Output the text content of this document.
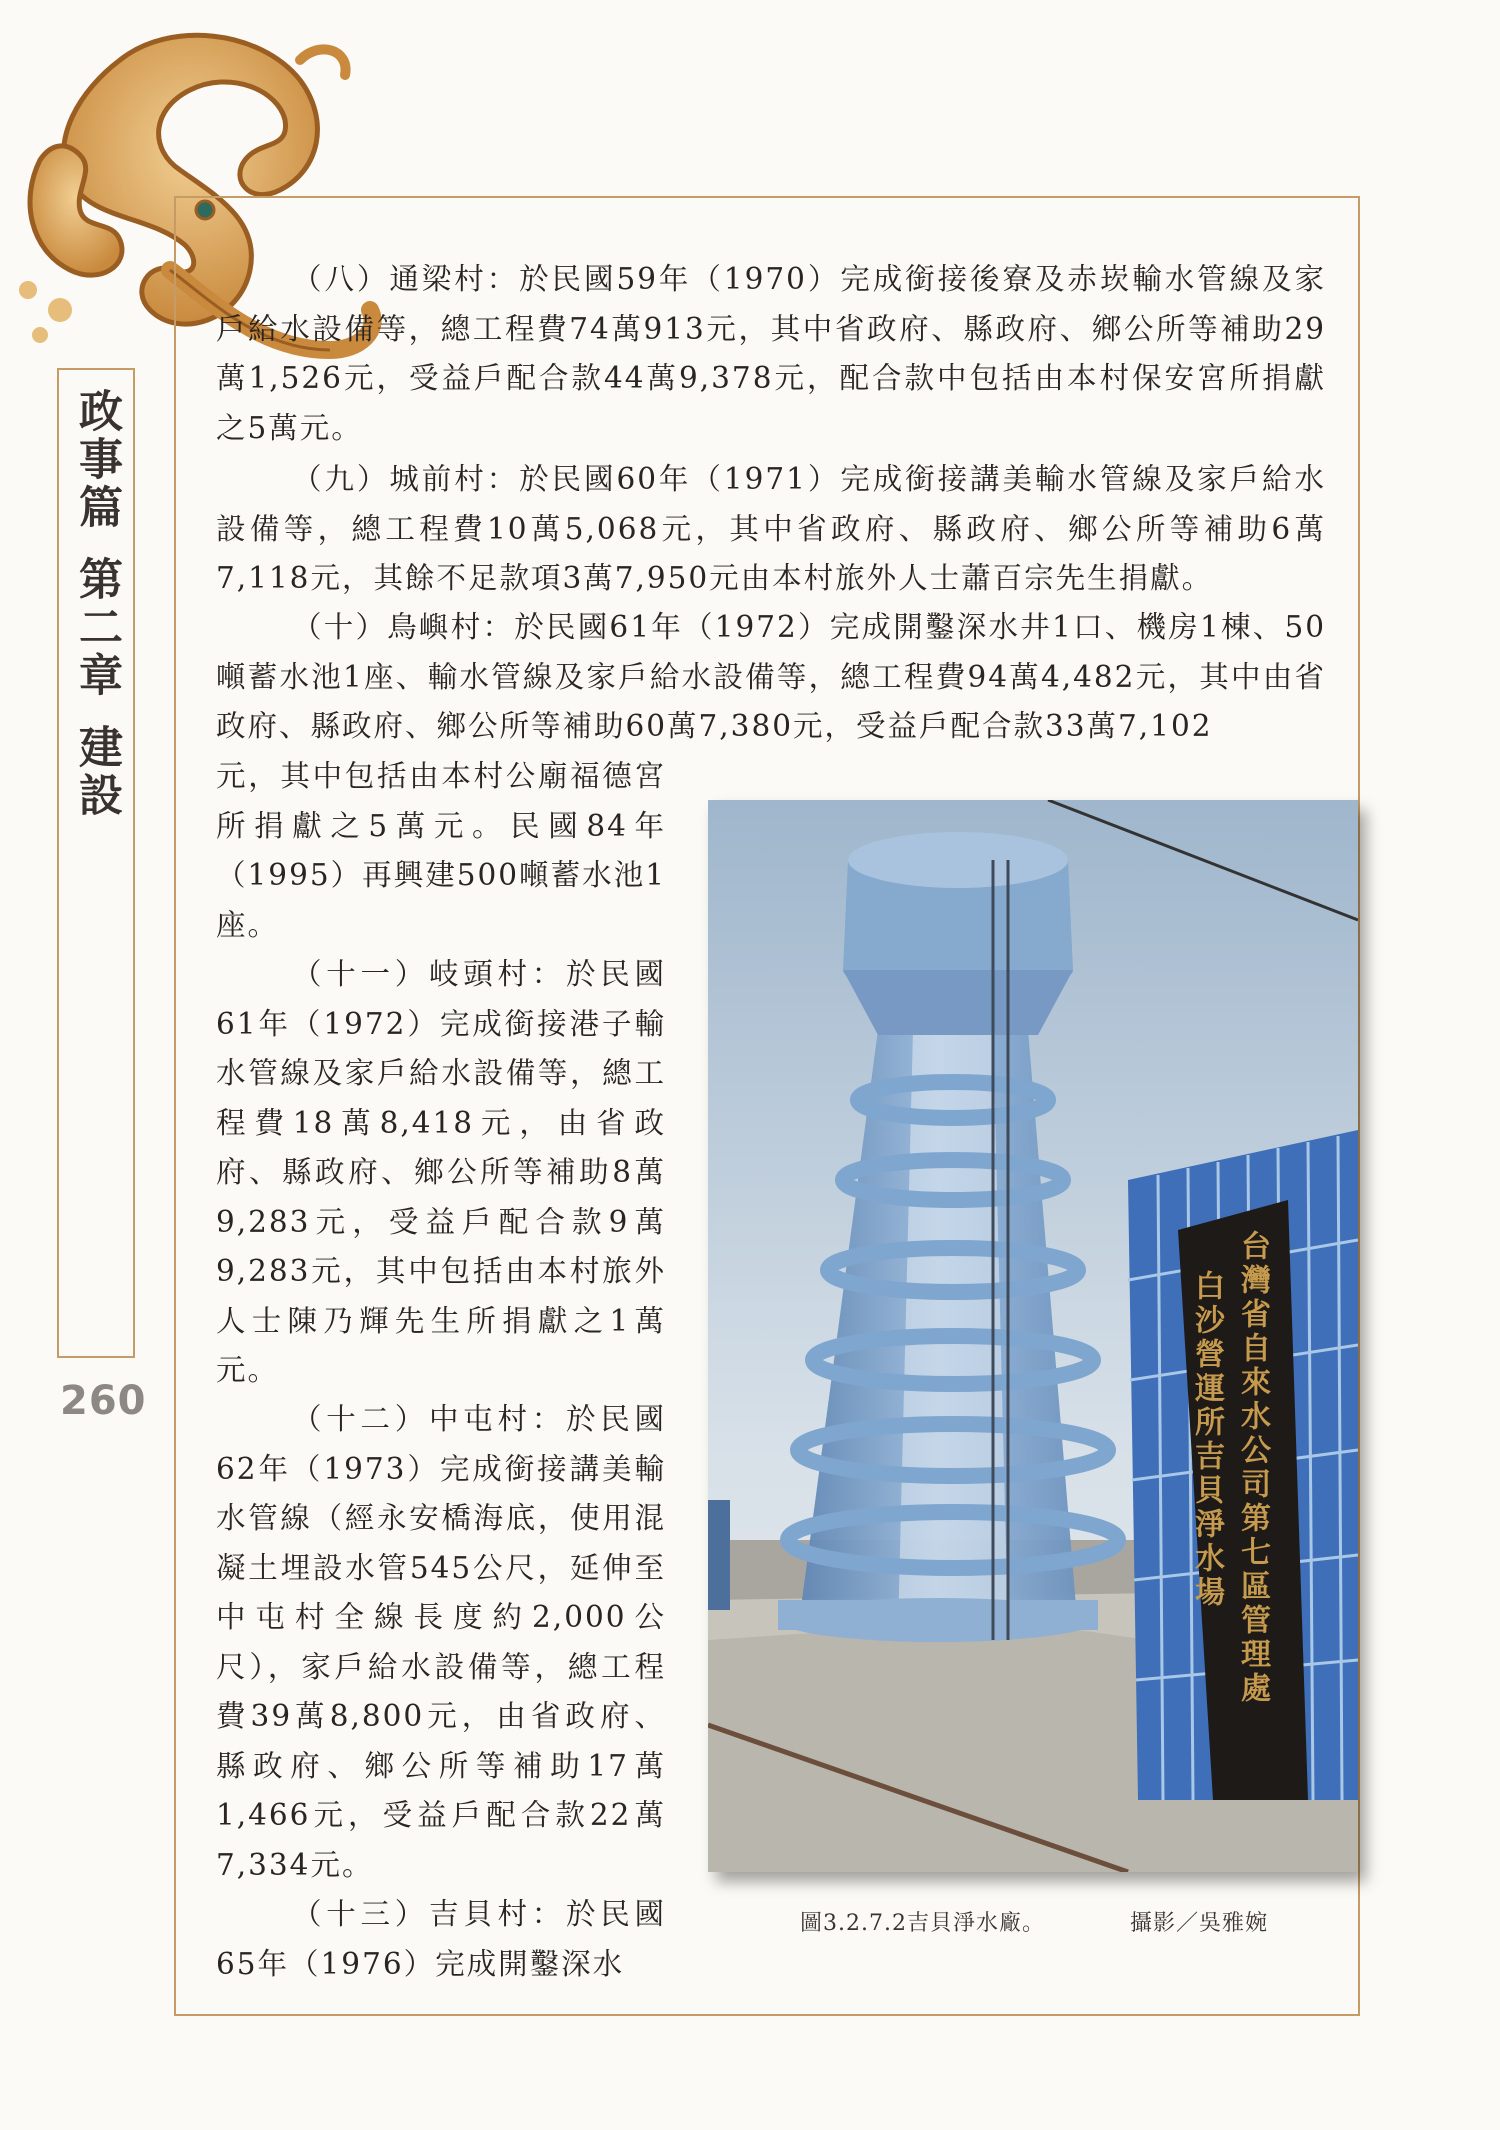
政事篇第二章建設
260

（八）通梁村：於民國59年（1970）完成銜接後寮及赤崁輸水管線及家戶給水設備等，總工程費74萬913元，其中省政府、縣政府、鄉公所等補助29萬1,526元，受益戶配合款44萬9,378元，配合款中包括由本村保安宮所捐獻之5萬元。

（九）城前村：於民國60年（1971）完成銜接講美輸水管線及家戶給水設備等，總工程費10萬5,068元，其中省政府、縣政府、鄉公所等補助6萬7,118元，其餘不足款項3萬7,950元由本村旅外人士蕭百宗先生捐獻。

（十）鳥嶼村：於民國61年（1972）完成開鑿深水井1口、機房1棟、50噸蓄水池1座、輸水管線及家戶給水設備等，總工程費94萬4,482元，其中由省政府、縣政府、鄉公所等補助60萬7,380元，受益戶配合款33萬7,102

元，其中包括由本村公廟福德宮所捐獻之5萬元。民國84年（1995）再興建500噸蓄水池1座。

（十一）岐頭村：於民國61年（1972）完成銜接港子輸水管線及家戶給水設備等，總工程費18萬8,418元，由省政府、縣政府、鄉公所等補助8萬9,283元，受益戶配合款9萬9,283元，其中包括由本村旅外人士陳乃輝先生所捐獻之1萬元。

（十二）中屯村：於民國62年（1973）完成銜接講美輸水管線（經永安橋海底，使用混凝土埋設水管545公尺，延伸至中屯村全線長度約2,000公尺），家戶給水設備等，總工程費39萬8,800元，由省政府、縣政府、鄉公所等補助17萬1,466元，受益戶配合款22萬7,334元。

（十三）吉貝村：於民國65年（1976）完成開鑿深水

台灣省自來水公司第七區管理處
白沙營運所吉貝淨水場
圖3.2.7.2吉貝淨水廠。	攝影／吳雅婉
